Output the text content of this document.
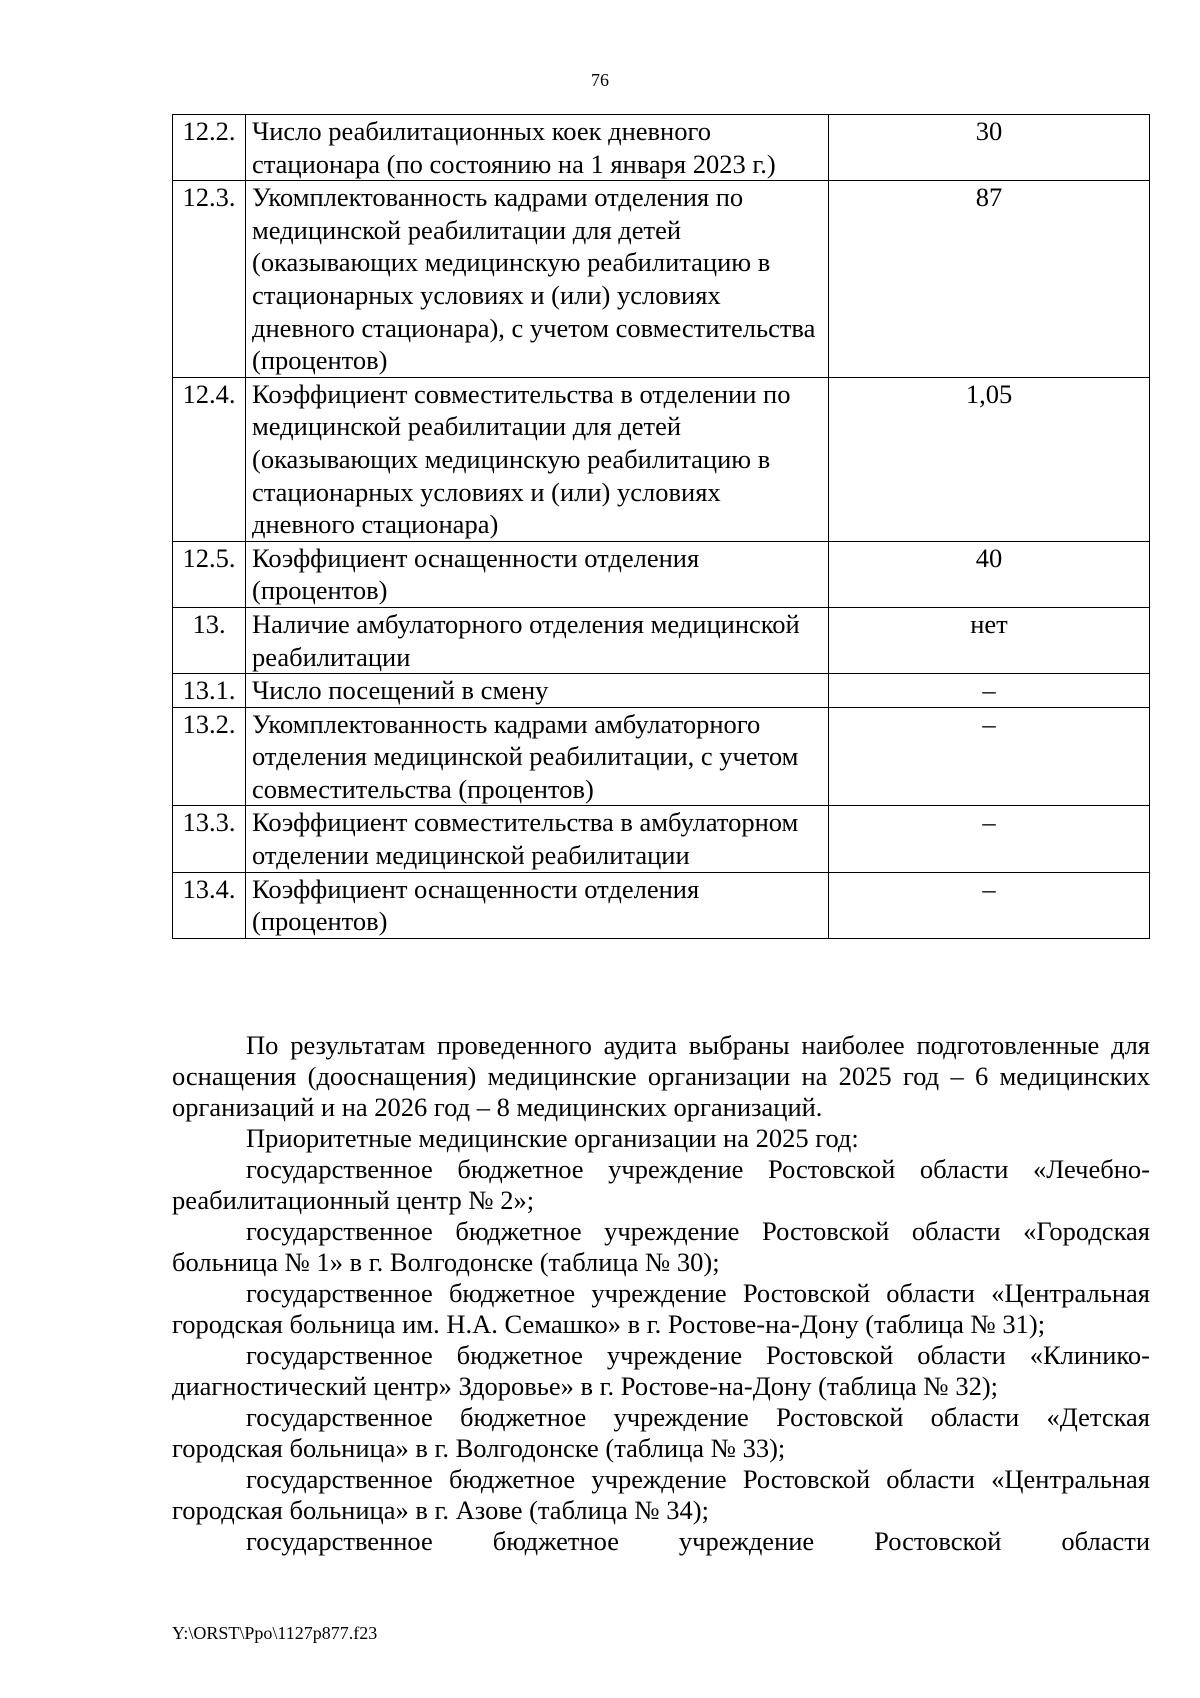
76
12.2.	Число реабилитационных коек дневного стационара (по состоянию на 1 января 2023 г.)	30
12.3.	Укомплектованность кадрами отделения по медицинской реабилитации для детей (оказывающих медицинскую реабилитацию в стационарных условиях и (или) условиях дневного стационара), с учетом совместительства (процентов)	87
12.4.	Коэффициент совместительства в отделении по медицинской реабилитации для детей (оказывающих медицинскую реабилитацию в стационарных условиях и (или) условиях дневного стационара)	1,05
12.5.	Коэффициент оснащенности отделения (процентов)	40
13.	Наличие амбулаторного отделения медицинской реабилитации	нет
13.1.	Число посещений в смену	–
13.2.	Укомплектованность кадрами амбулаторного отделения медицинской реабилитации, с учетом совместительства (процентов)	–
13.3.	Коэффициент совместительства в амбулаторном отделении медицинской реабилитации	–
13.4.	Коэффициент оснащенности отделения (процентов)	–

По результатам проведенного аудита выбраны наиболее подготовленные для оснащения (дооснащения) медицинские организации на 2025 год – 6 медицинских организаций и на 2026 год – 8 медицинских организаций.

Приоритетные медицинские организации на 2025 год:

государственное бюджетное учреждение Ростовской области «Лечебно-реабилитационный центр № 2»;

государственное бюджетное учреждение Ростовской области «Городская больница № 1» в г. Волгодонске (таблица № 30);

государственное бюджетное учреждение Ростовской области «Центральная городская больница им. Н.А. Семашко» в г. Ростове-на-Дону (таблица № 31);

государственное бюджетное учреждение Ростовской области «Клинико-диагностический центр» Здоровье» в г. Ростове-на-Дону (таблица № 32);

государственное бюджетное учреждение Ростовской области «Детская городская больница» в г. Волгодонске (таблица № 33);

государственное бюджетное учреждение Ростовской области «Центральная городская больница» в г. Азове (таблица № 34);

государственное бюджетное учреждение Ростовской области

Y:\ORST\Ppo\1127p877.f23
